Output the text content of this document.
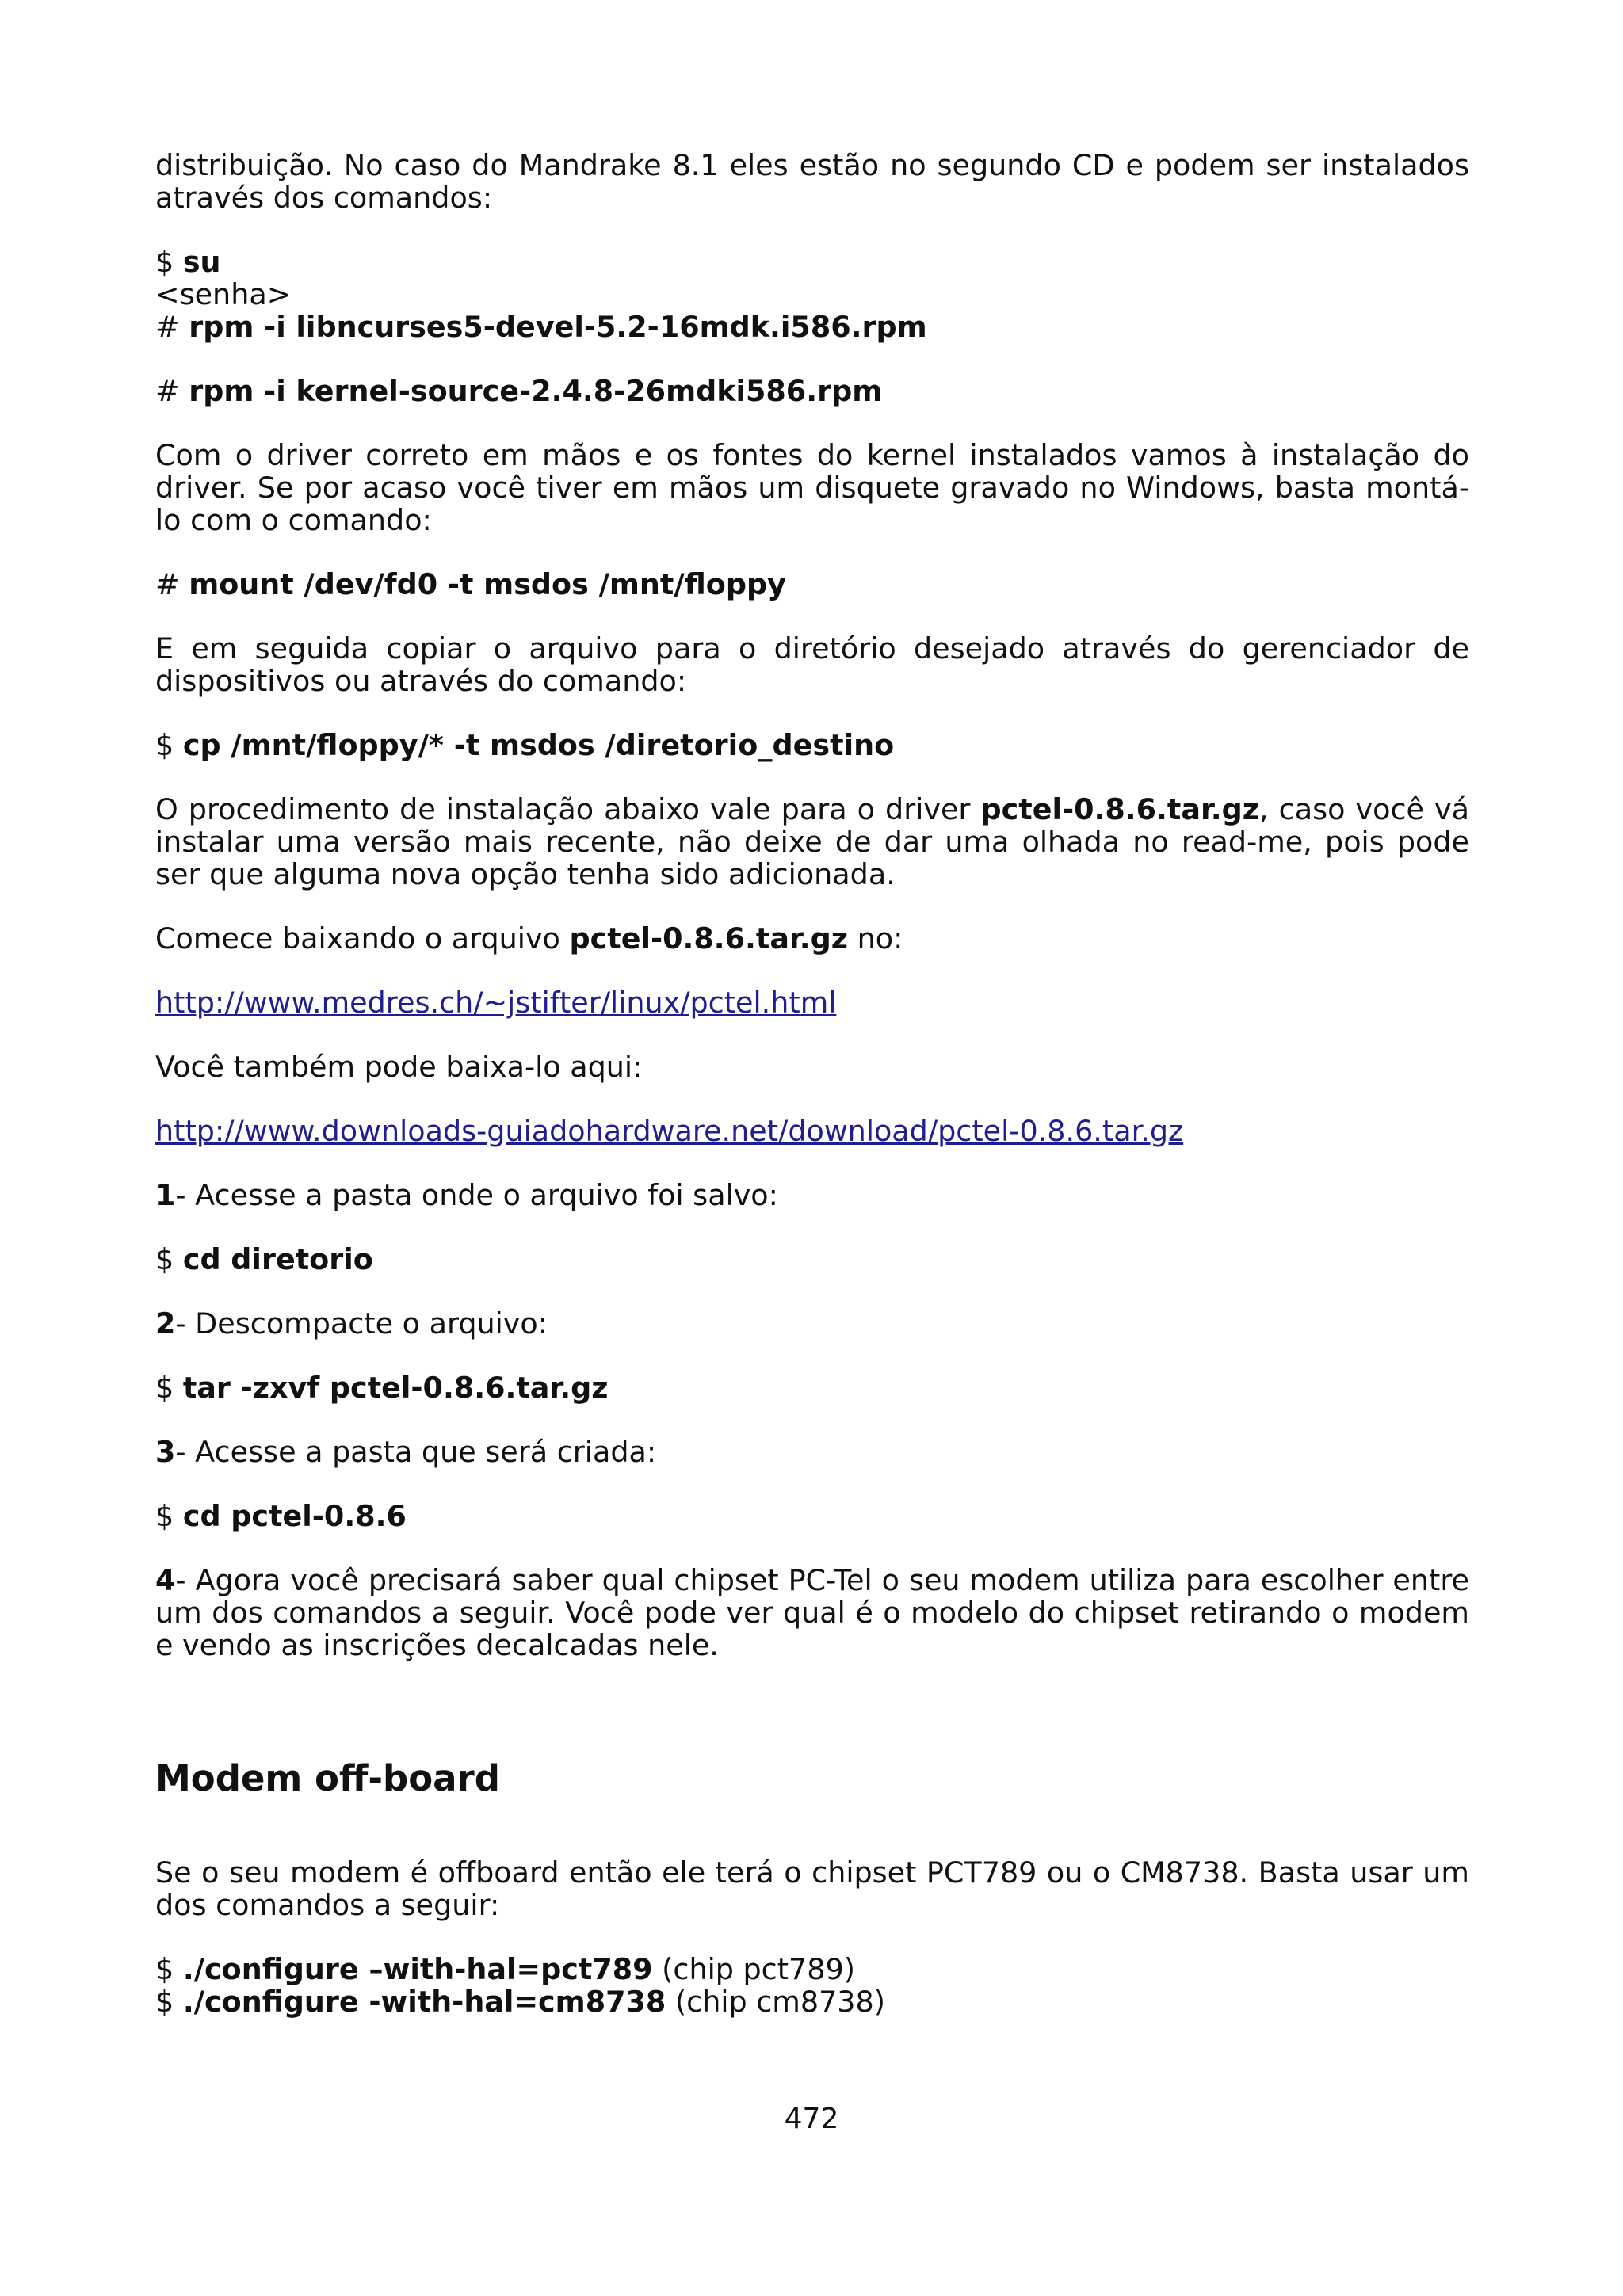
distribuição. No caso do Mandrake 8.1 eles estão no segundo CD e podem ser instalados através dos comandos:

$ su

<senha>

# rpm -i libncurses5-devel-5.2-16mdk.i586.rpm

# rpm -i kernel-source-2.4.8-26mdki586.rpm

Com o driver correto em mãos e os fontes do kernel instalados vamos à instalação do driver. Se por acaso você tiver em mãos um disquete gravado no Windows, basta montá-lo com o comando:

# mount /dev/fd0 -t msdos /mnt/floppy

E em seguida copiar o arquivo para o diretório desejado através do gerenciador de dispositivos ou através do comando:

$ cp /mnt/floppy/* -t msdos /diretorio_destino

O procedimento de instalação abaixo vale para o driver pctel-0.8.6.tar.gz, caso você vá instalar uma versão mais recente, não deixe de dar uma olhada no read-me, pois pode ser que alguma nova opção tenha sido adicionada.

Comece baixando o arquivo pctel-0.8.6.tar.gz no:

http://www.medres.ch/~jstifter/linux/pctel.html

Você também pode baixa-lo aqui:

http://www.downloads-guiadohardware.net/download/pctel-0.8.6.tar.gz

1- Acesse a pasta onde o arquivo foi salvo:

$ cd diretorio

2- Descompacte o arquivo:

$ tar -zxvf pctel-0.8.6.tar.gz

3- Acesse a pasta que será criada:

$ cd pctel-0.8.6

4- Agora você precisará saber qual chipset PC-Tel o seu modem utiliza para escolher entre um dos comandos a seguir. Você pode ver qual é o modelo do chipset retirando o modem e vendo as inscrições decalcadas nele.

Modem off-board

Se o seu modem é offboard então ele terá o chipset PCT789 ou o CM8738. Basta usar um dos comandos a seguir:

$ ./configure –with-hal=pct789 (chip pct789)

$ ./configure -with-hal=cm8738 (chip cm8738)

472
